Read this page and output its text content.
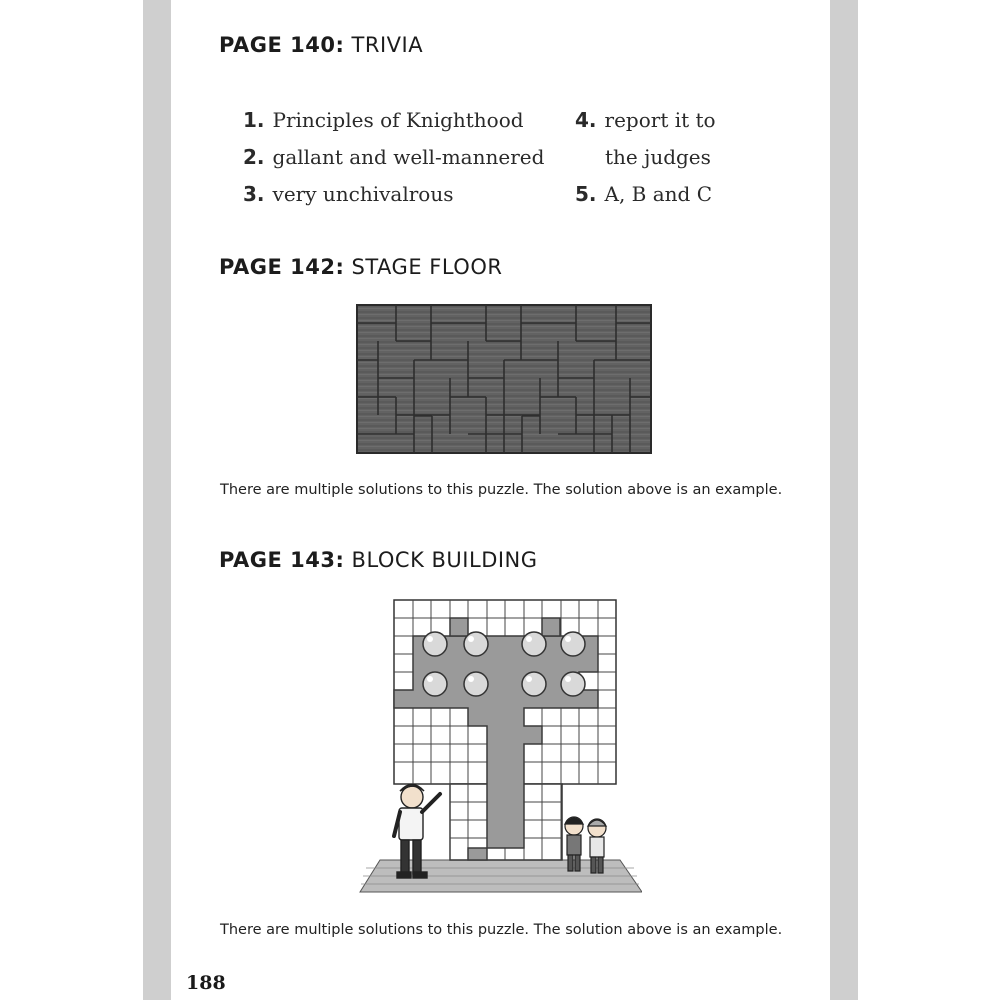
PAGE 140: TRIVIA
1. Principles of Knighthood
2. gallant and well-mannered
3. very unchivalrous
4. report it to
the judges
5. A, B and C
PAGE 142: STAGE FLOOR
There are multiple solutions to this puzzle. The solution above is an example.
PAGE 143: BLOCK BUILDING
There are multiple solutions to this puzzle. The solution above is an example.
188
